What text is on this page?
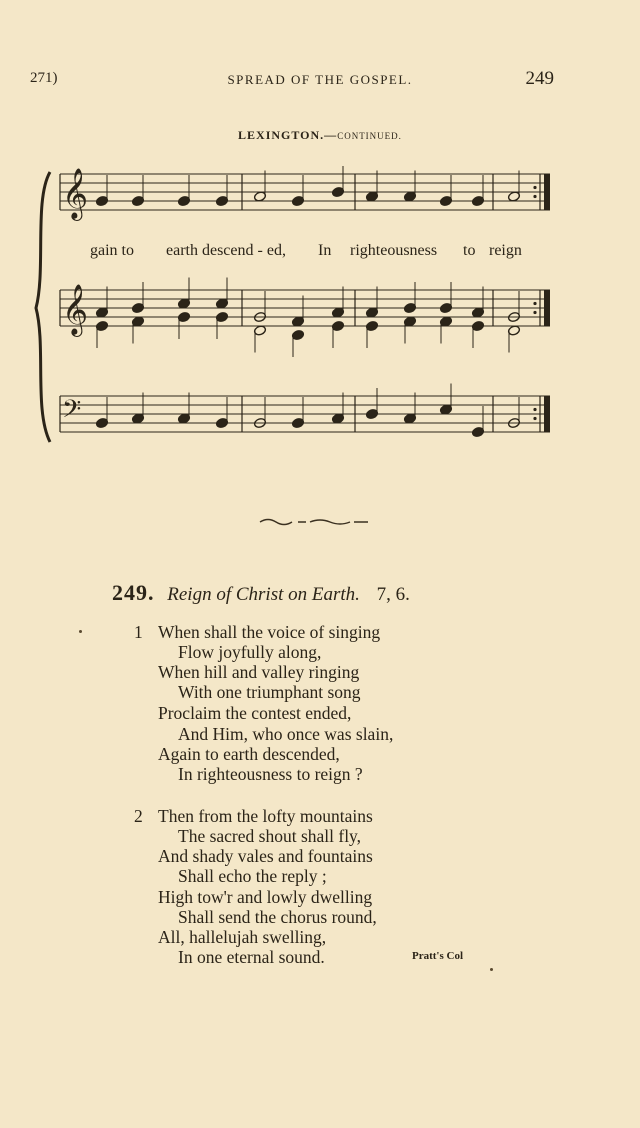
271)	SPREAD OF THE GOSPEL.	249
LEXINGTON.—CONTINUED.
𝄞
𝄞
𝄢
gain to earth descend - ed, In righteousness to reign
249. Reign of Christ on Earth. 7, 6.
1 When shall the voice of singing
Flow joyfully along,
When hill and valley ringing
With one triumphant song
Proclaim the contest ended,
And Him, who once was slain,
Again to earth descended,
In righteousness to reign ?
2 Then from the lofty mountains
The sacred shout shall fly,
And shady vales and fountains
Shall echo the reply ;
High tow'r and lowly dwelling
Shall send the chorus round,
All, hallelujah swelling,
In one eternal sound.	Pratt's Col
